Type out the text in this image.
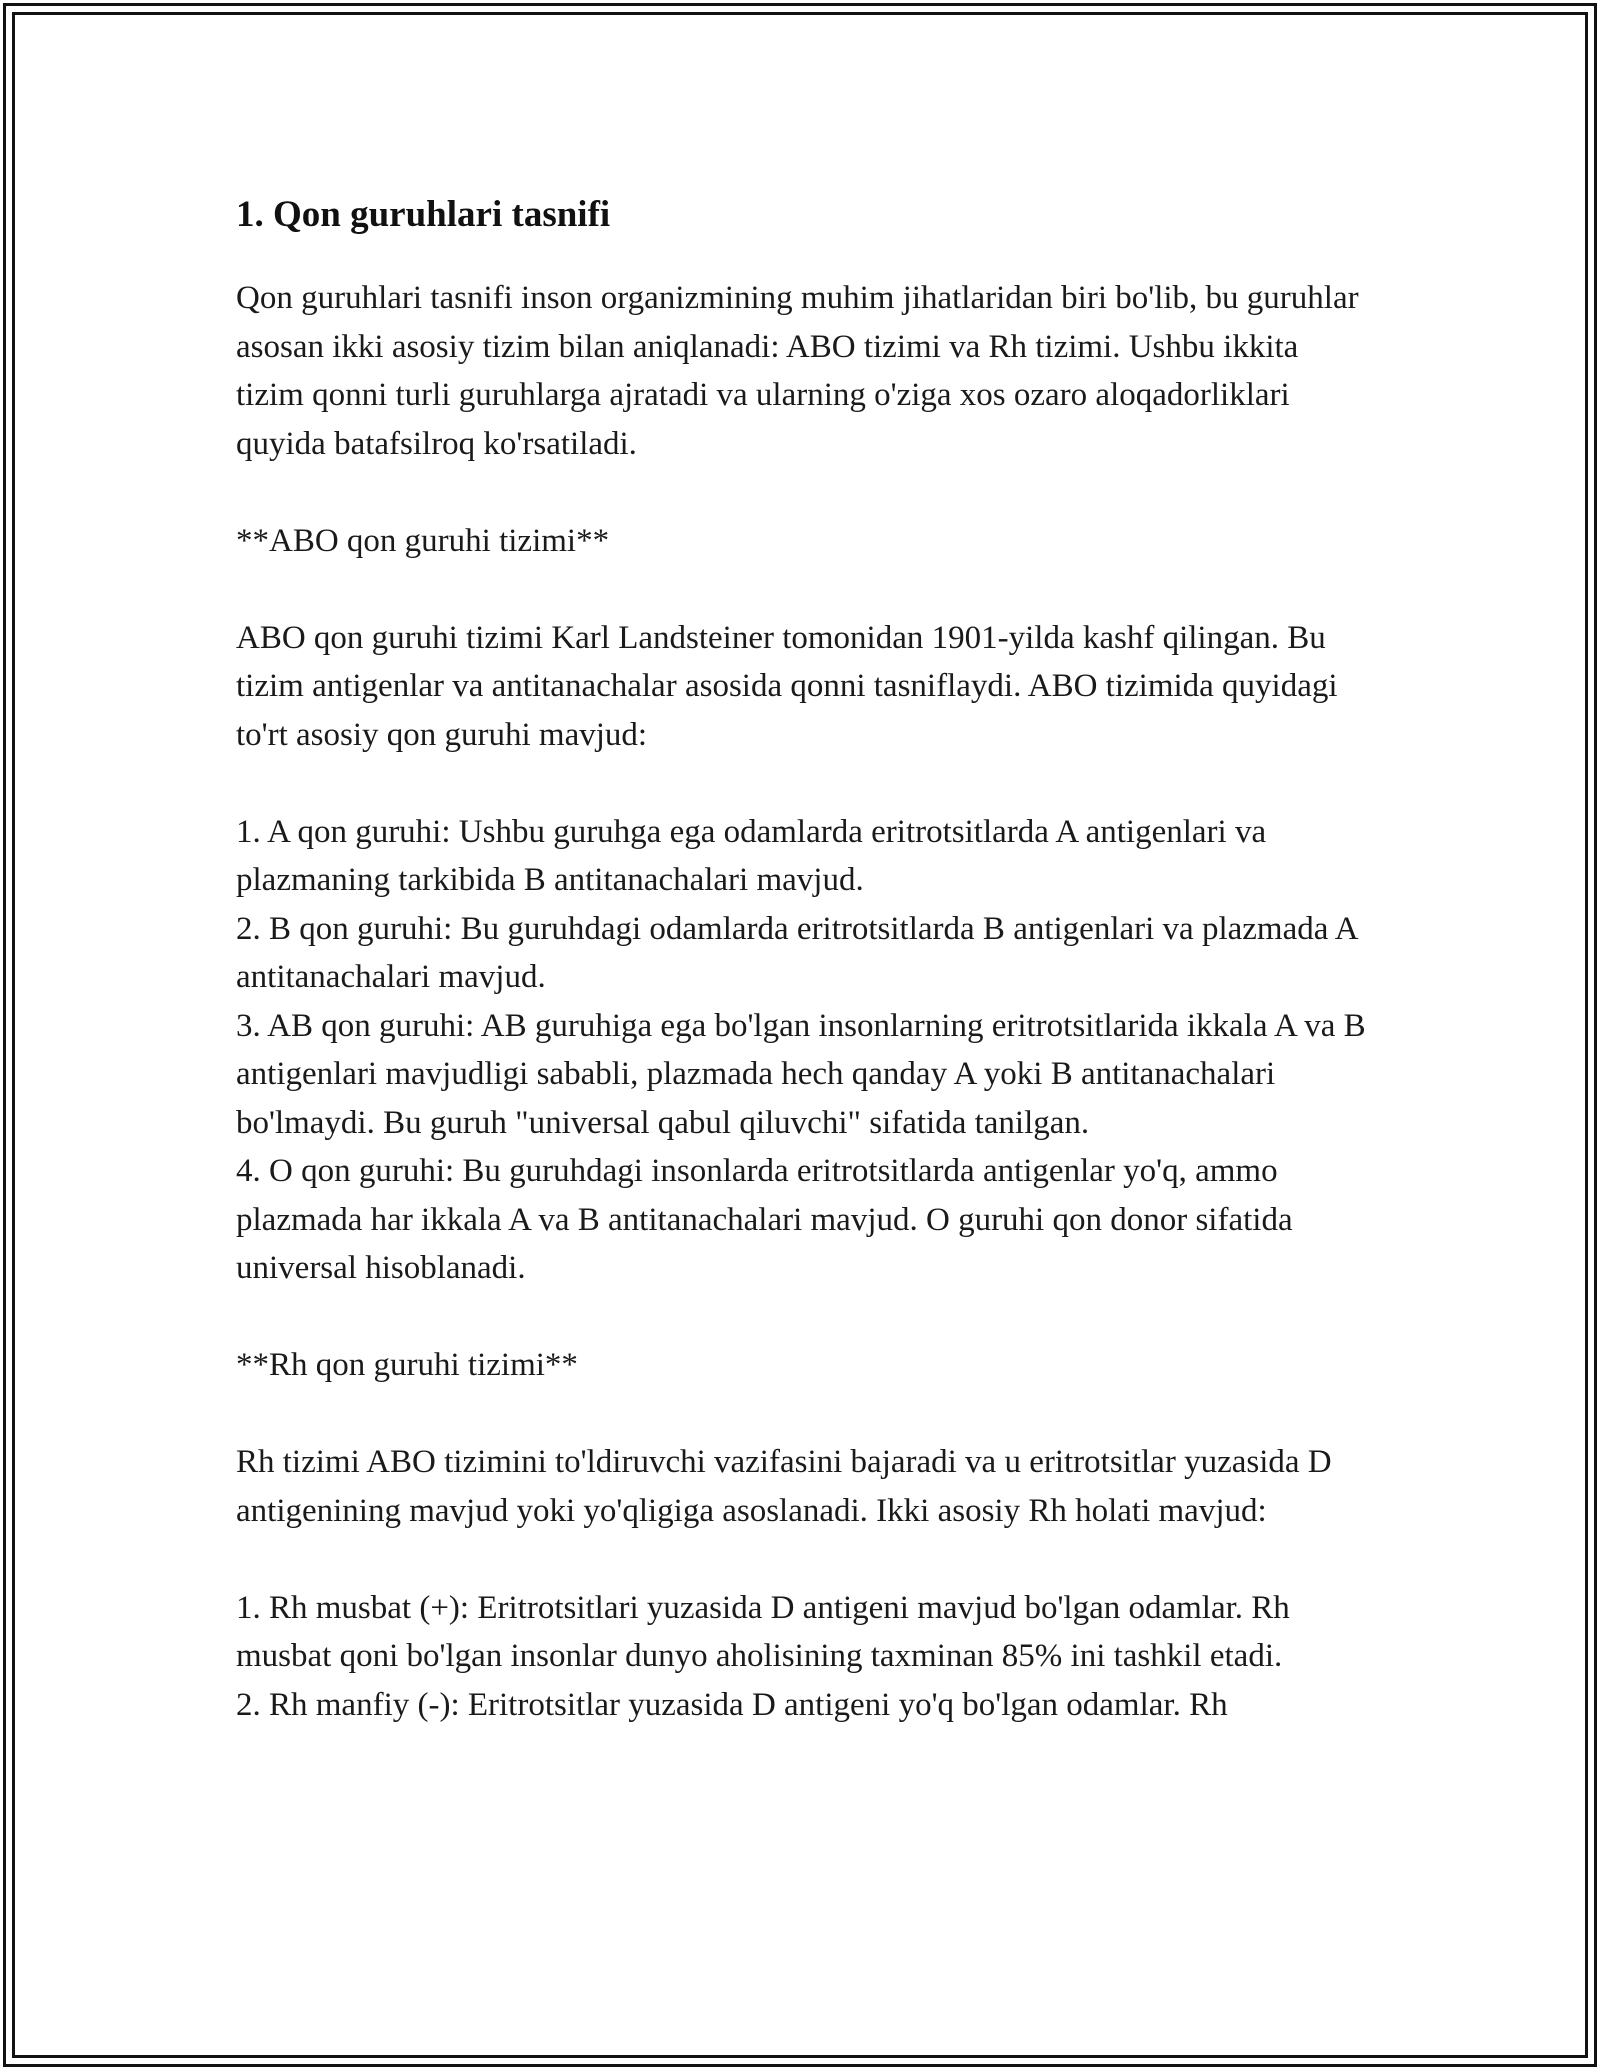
1. Qon guruhlari tasnifi

Qon guruhlari tasnifi inson organizmining muhim jihatlaridan biri bo'lib, bu guruhlar asosan ikki asosiy tizim bilan aniqlanadi: ABO tizimi va Rh tizimi. Ushbu ikkita tizim qonni turli guruhlarga ajratadi va ularning o'ziga xos ozaro aloqadorliklari quyida batafsilroq ko'rsatiladi.

**ABO qon guruhi tizimi**

ABO qon guruhi tizimi Karl Landsteiner tomonidan 1901-yilda kashf qilingan. Bu tizim antigenlar va antitanachalar asosida qonni tasniflaydi. ABO tizimida quyidagi to'rt asosiy qon guruhi mavjud:

1. A qon guruhi: Ushbu guruhga ega odamlarda eritrotsitlarda A antigenlari va plazmaning tarkibida B antitanachalari mavjud.

2. B qon guruhi: Bu guruhdagi odamlarda eritrotsitlarda B antigenlari va plazmada A antitanachalari mavjud.

3. AB qon guruhi: AB guruhiga ega bo'lgan insonlarning eritrotsitlarida ikkala A va B antigenlari mavjudligi sababli, plazmada hech qanday A yoki B antitanachalari bo'lmaydi. Bu guruh "universal qabul qiluvchi" sifatida tanilgan.

4. O qon guruhi: Bu guruhdagi insonlarda eritrotsitlarda antigenlar yo'q, ammo plazmada har ikkala A va B antitanachalari mavjud. O guruhi qon donor sifatida universal hisoblanadi.

**Rh qon guruhi tizimi**

Rh tizimi ABO tizimini to'ldiruvchi vazifasini bajaradi va u eritrotsitlar yuzasida D antigenining mavjud yoki yo'qligiga asoslanadi. Ikki asosiy Rh holati mavjud:

1. Rh musbat (+): Eritrotsitlari yuzasida D antigeni mavjud bo'lgan odamlar. Rh musbat qoni bo'lgan insonlar dunyo aholisining taxminan 85% ini tashkil etadi.

2. Rh manfiy (-): Eritrotsitlar yuzasida D antigeni yo'q bo'lgan odamlar. Rh
